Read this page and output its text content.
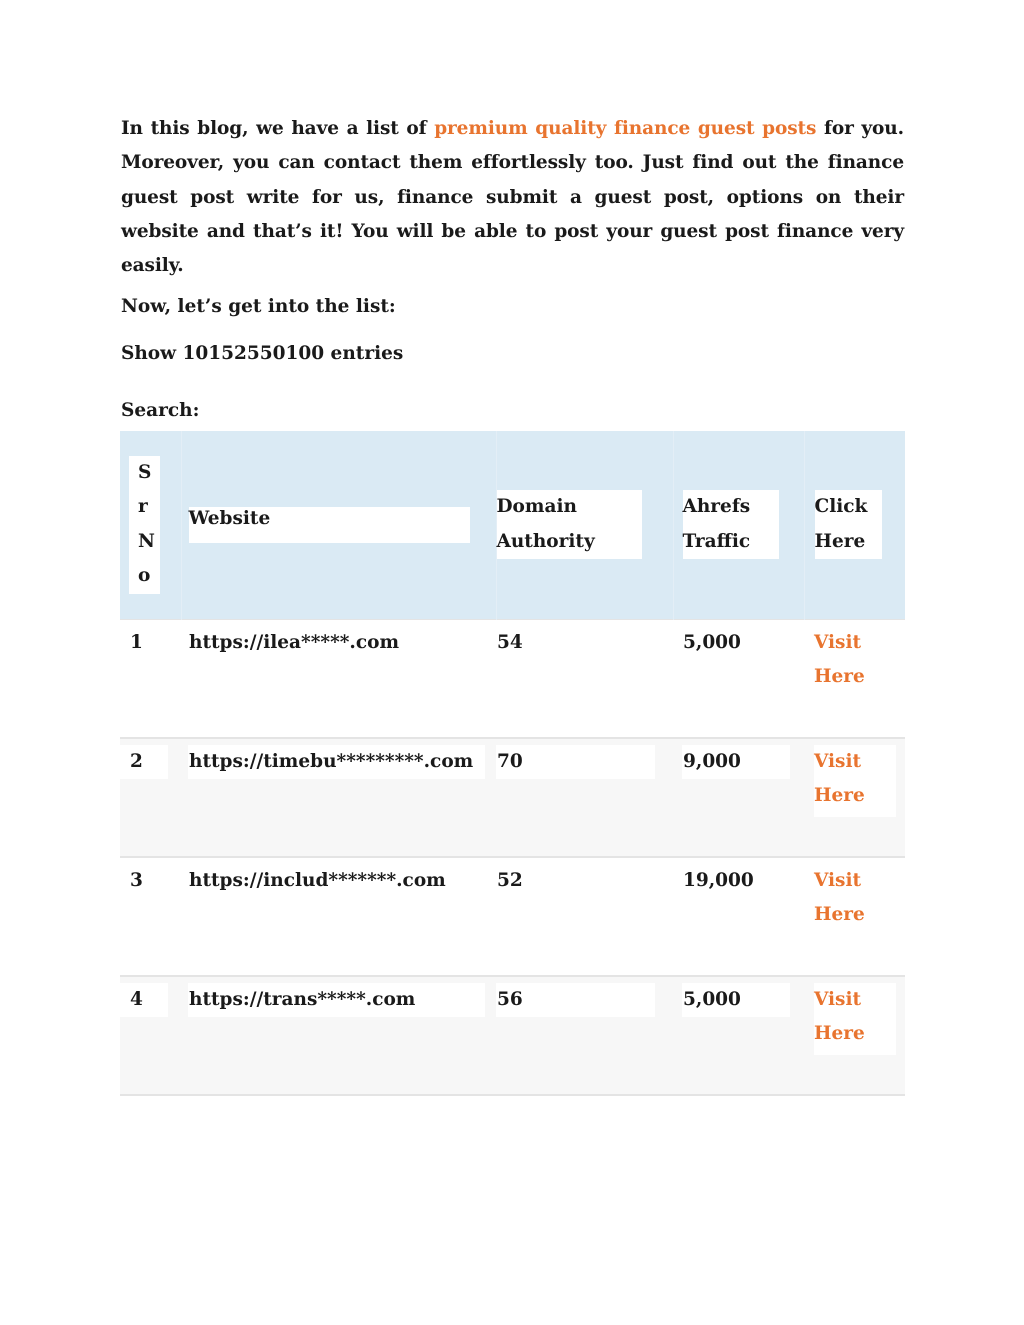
In this blog, we have a list of premium quality finance guest posts for you. Moreover, you can contact them effortlessly too. Just find out the finance guest post write for us, finance submit a guest post, options on their website and that’s it! You will be able to post your guest post finance very easily.

Now, let’s get into the list:

Show 10152550100 entries

Search:

S
r
N
o	Website	Domain Authority	Ahrefs Traffic	Click Here
1	https://ilea*****.com	54	5,000	Visit
Here

2	https://timebu*********.com	70	9,000	Visit
Here

3	https://includ*******.com	52	19,000	Visit
Here

4	https://trans*****.com	56	5,000	Visit
Here
